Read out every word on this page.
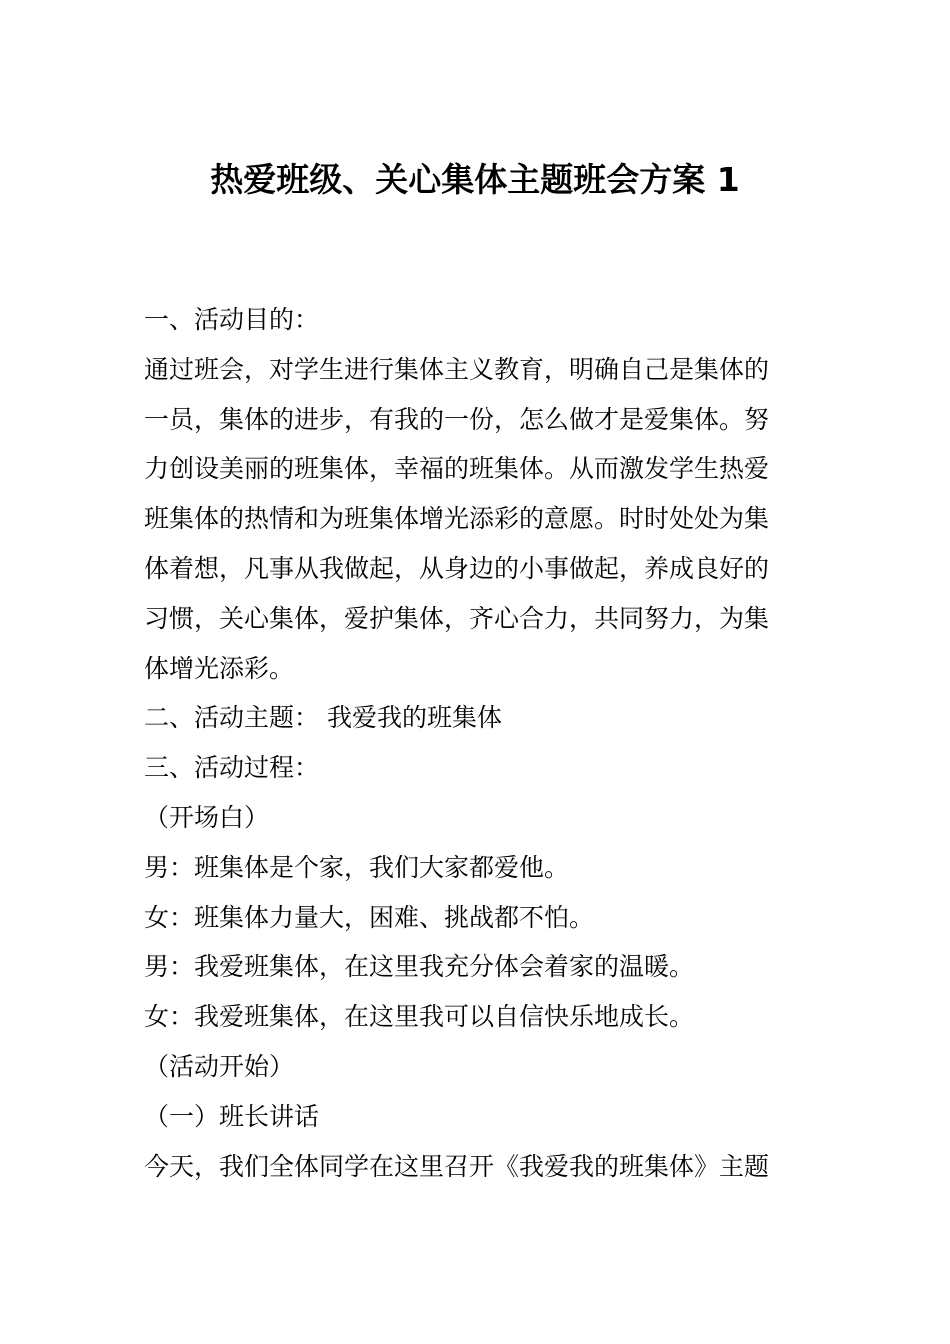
热爱班级、关心集体主题班会方案 1
一、活动目的：
通过班会，对学生进行集体主义教育，明确自己是集体的
一员，集体的进步，有我的一份，怎么做才是爱集体。努
力创设美丽的班集体，幸福的班集体。从而激发学生热爱
班集体的热情和为班集体增光添彩的意愿。时时处处为集
体着想，凡事从我做起，从身边的小事做起，养成良好的
习惯，关心集体，爱护集体，齐心合力，共同努力，为集
体增光添彩。
二、活动主题： 我爱我的班集体
三、活动过程：
（开场白）
男：班集体是个家，我们大家都爱他。
女：班集体力量大，困难、挑战都不怕。
男：我爱班集体，在这里我充分体会着家的温暖。
女：我爱班集体，在这里我可以自信快乐地成长。
（活动开始）
（一）班长讲话
今天，我们全体同学在这里召开《我爱我的班集体》主题
